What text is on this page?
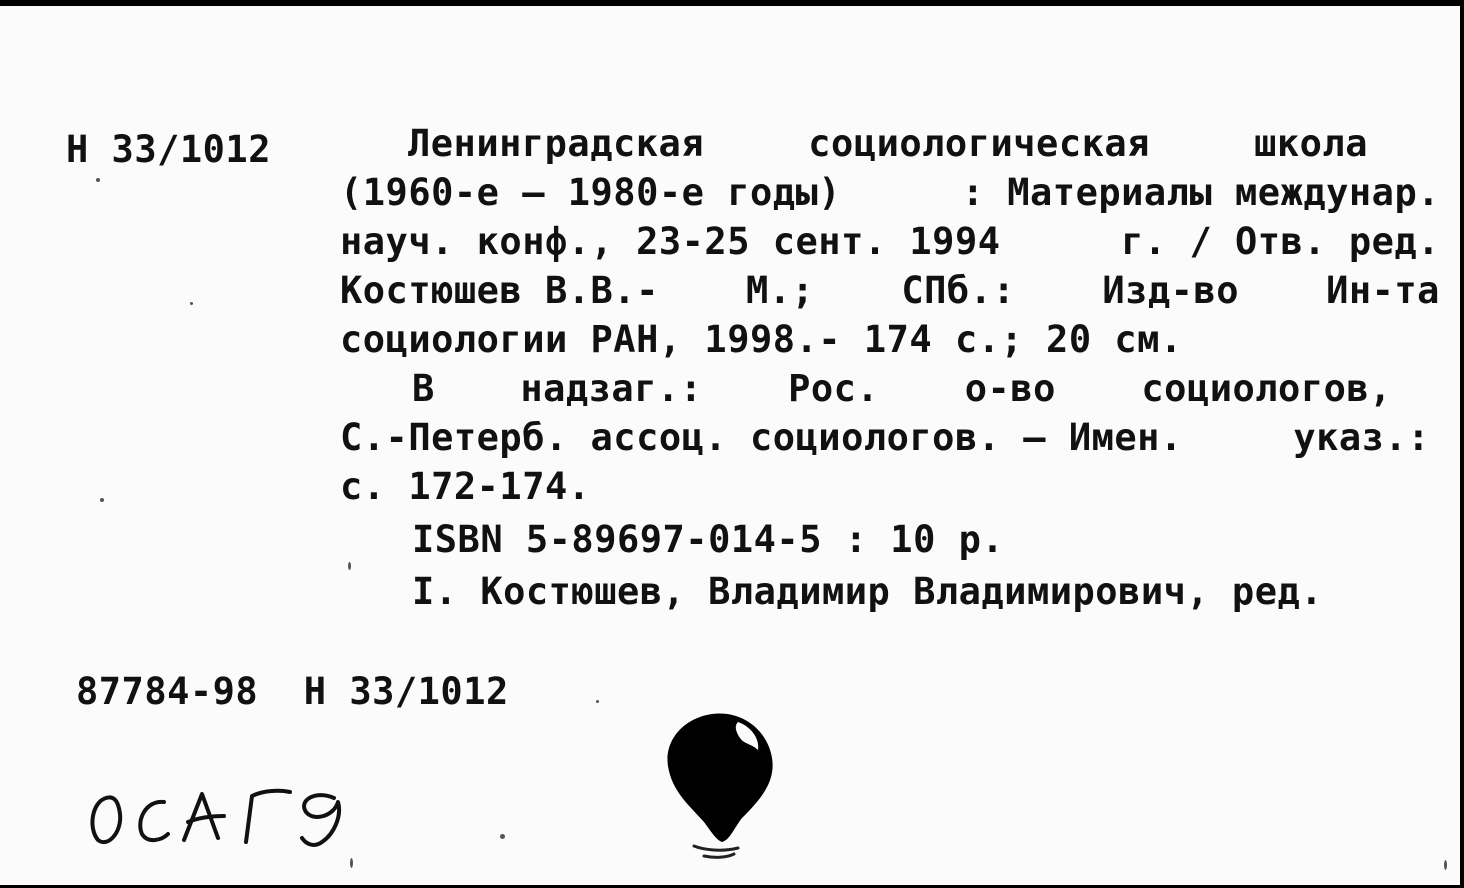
Н 33/1012	Ленинградская	социологическая	школа
(1960-е – 1980-е годы)	: Материалы междунар.
науч. конф., 23-25 сент. 1994	г. / Отв. ред.
Костюшев В.В.- М.; СПб.: Изд-во Ин-та
социологии РАН, 1998.- 174 с.; 20 см.
В надзаг.: Рос. о-во социологов,
С.-Петерб. ассоц. социологов. – Имен.	указ.:
с. 172-174.
ISBN 5-89697-014-5 : 10 р.
I. Костюшев, Владимир Владимирович, ред.
87784-98 Н 33/1012
